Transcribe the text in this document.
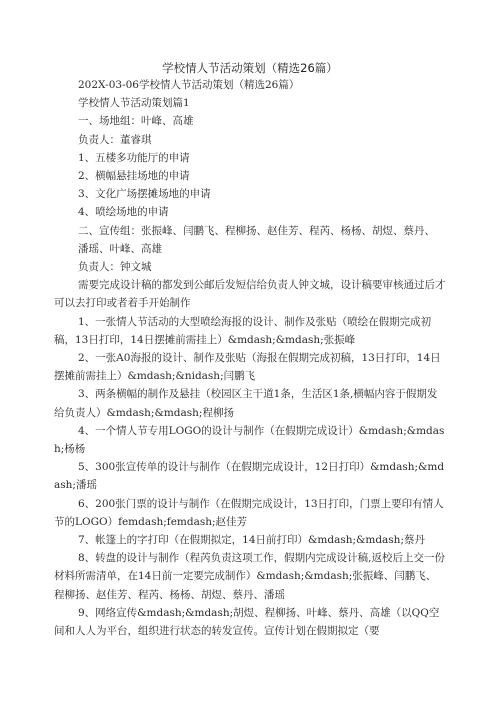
学校情人节活动策划（精选26篇）

202X-03-06学校情人节活动策划（精选26篇）

学校情人节活动策划篇1

一、场地组：叶峰、高雄

负责人：董睿琪

1、五楼多功能厅的申请

2、横幅悬挂场地的申请

3、文化广场摆摊场地的申请

4、喷绘场地的申请

二、宣传组：张振峰、闫鹏飞、程柳扬、赵佳芳、程芮、杨杨、胡煜、蔡丹、

潘瑶、叶峰、高雄

负责人：钟文城

需要完成设计稿的都发到公邮后发短信给负责人钟文城，设计稿要审核通过后才可以去打印或者着手开始制作

1、一张情人节活动的大型喷绘海报的设计、制作及张贴（喷绘在假期完成初稿，13日打印，14日摆摊前需挂上）&mdash;&mdash;张振峰

2、一张A0海报的设计、制作及张贴（海报在假期完成初稿，13日打印，14日摆摊前需挂上）&mdash;&nidash;闫鹏飞

3、两条横幅的制作及悬挂（校园区主干道1条，生活区1条,横幅内容于假期发给负责人）&mdash;&mdash;程柳扬

4、一个情人节专用LOGO的设计与制作（在假期完成设计）&mdash;&mdash;杨杨

5、300张宣传单的设计与制作（在假期完成设计，12日打印）&mdash;&mdash;潘瑶

6、200张门票的设计与制作（在假期完成设计，13日打印，门票上要印有情人节的LOGO）femdash;femdash;赵佳芳

7、帐篷上的字打印（在假期拟定，14日前打印）&mdash;&mdash;蔡丹

8、转盘的设计与制作（程芮负责这项工作，假期内完成设计稿,返校后上交一份材料所需清单，在14日前一定要完成制作）&mdash;&mdash;张振峰、闫鹏飞、程柳扬、赵佳芳、程芮、杨杨、胡煜、蔡丹、潘瑶

9、网络宣传&mdash;&mdash;胡煜、程柳扬、叶峰、蔡丹、高雄（以QQ空间和人人为平台，组织进行状态的转发宣传。宣传计划在假期拟定（要
